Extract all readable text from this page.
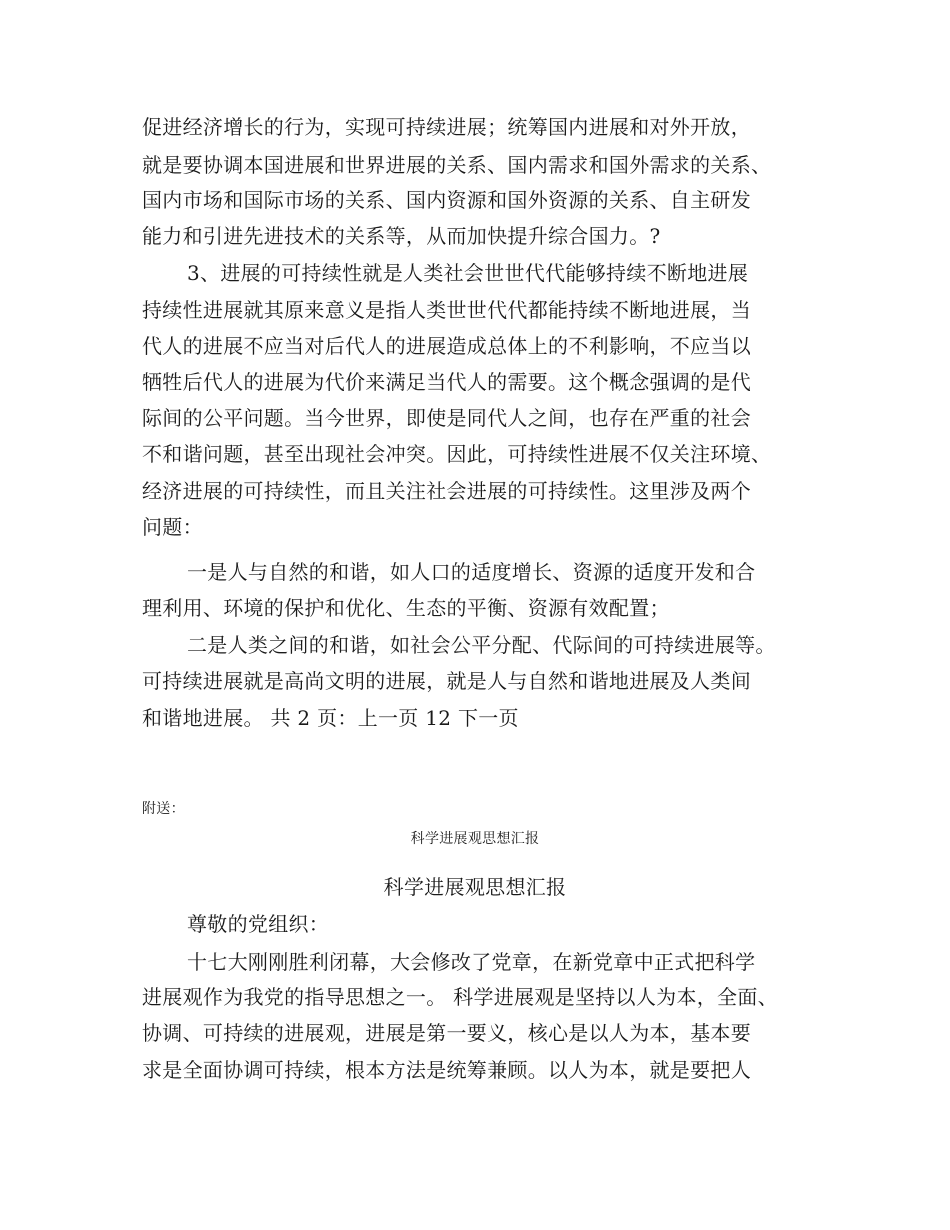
促进经济增长的行为，实现可持续进展；统筹国内进展和对外开放，
就是要协调本国进展和世界进展的关系、国内需求和国外需求的关系、
国内市场和国际市场的关系、国内资源和国外资源的关系、自主研发
能力和引进先进技术的关系等，从而加快提升综合国力。?
3、进展的可持续性就是人类社会世世代代能够持续不断地进展
持续性进展就其原来意义是指人类世世代代都能持续不断地进展，当
代人的进展不应当对后代人的进展造成总体上的不利影响，不应当以
牺牲后代人的进展为代价来满足当代人的需要。这个概念强调的是代
际间的公平问题。当今世界，即使是同代人之间，也存在严重的社会
不和谐问题，甚至出现社会冲突。因此，可持续性进展不仅关注环境、
经济进展的可持续性，而且关注社会进展的可持续性。这里涉及两个
问题：
一是人与自然的和谐，如人口的适度增长、资源的适度开发和合
理利用、环境的保护和优化、生态的平衡、资源有效配置；
二是人类之间的和谐，如社会公平分配、代际间的可持续进展等。
可持续进展就是高尚文明的进展，就是人与自然和谐地进展及人类间
和谐地进展。 共 2 页：上一页 12 下一页
附送：
科学进展观思想汇报
科学进展观思想汇报
尊敬的党组织：
十七大刚刚胜利闭幕，大会修改了党章，在新党章中正式把科学
进展观作为我党的指导思想之一。 科学进展观是坚持以人为本，全面、
协调、可持续的进展观，进展是第一要义，核心是以人为本，基本要
求是全面协调可持续，根本方法是统筹兼顾。以人为本，就是要把人
